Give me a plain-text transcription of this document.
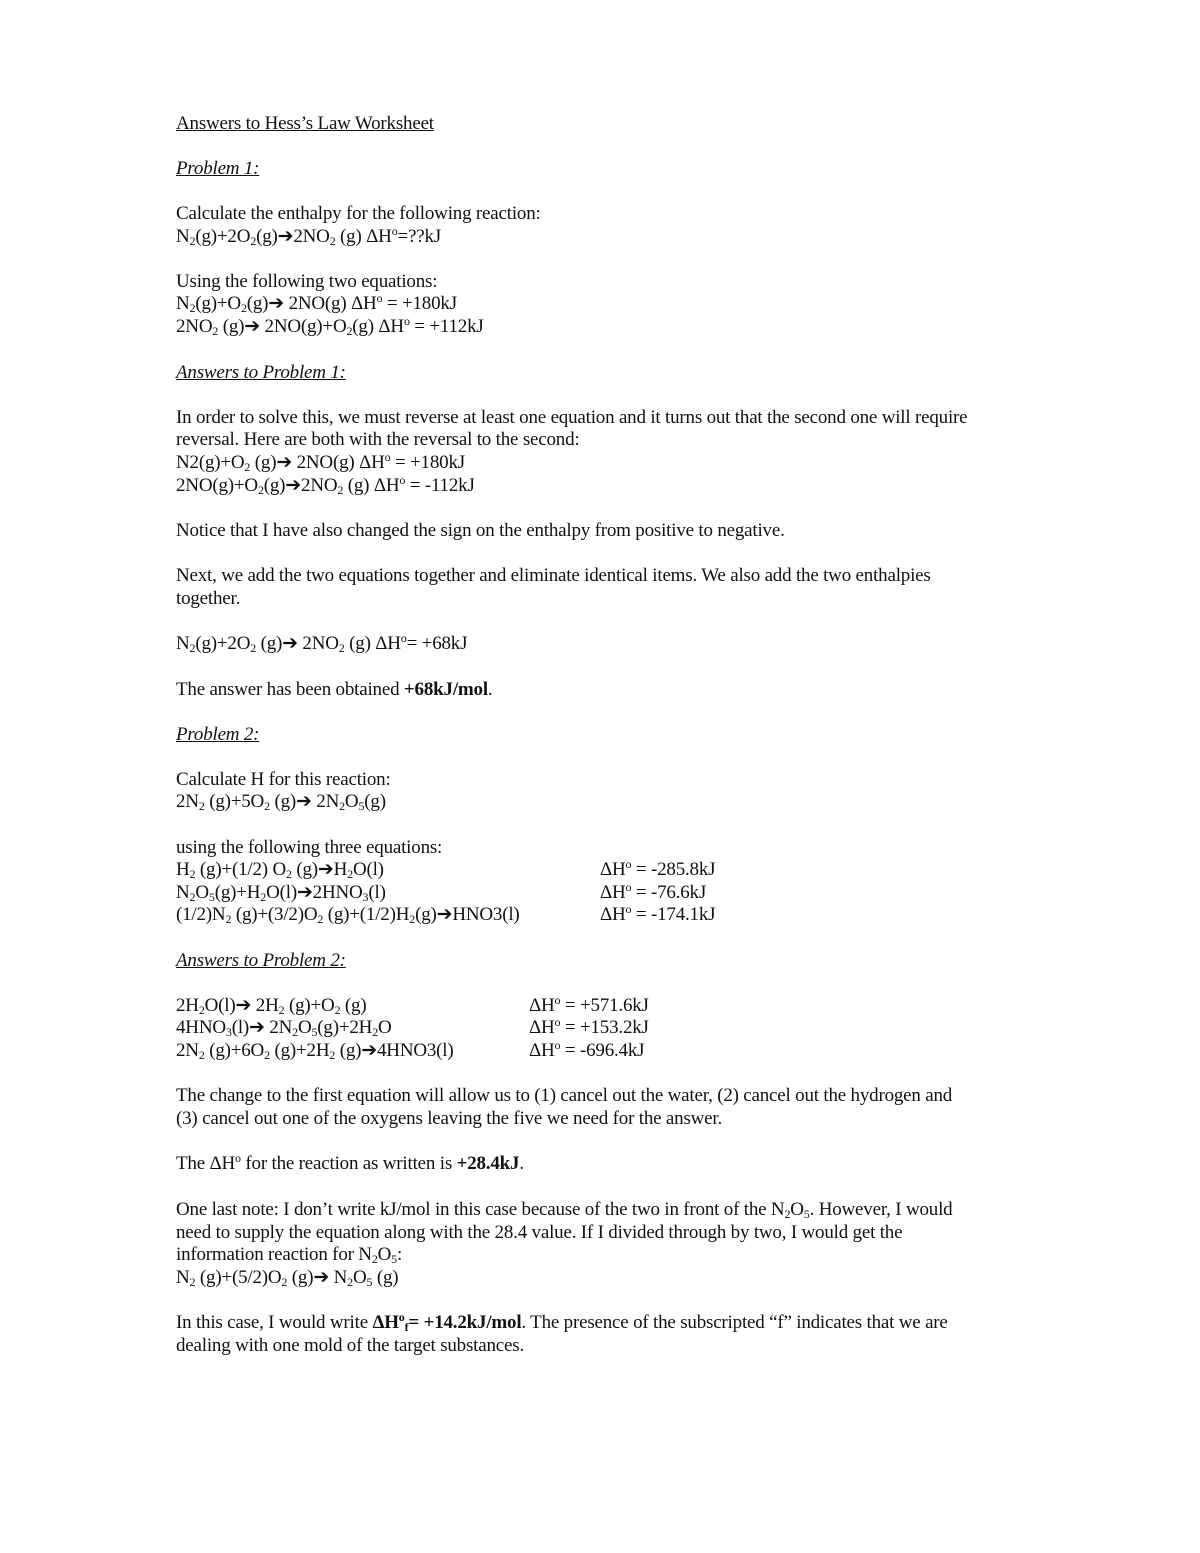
Answers to Hess’s Law Worksheet
Problem 1:
Calculate the enthalpy for the following reaction:
$N_2(g)+2O_2(g)➔2NO_2$ (g) $\Delta H^o=??kJ$
Using the following two equations:
$N_2(g)+O_2(g)➔$ 2NO(g) $\Delta H^o = +180kJ$
$2NO_2$ (g)➔ $2NO(g)+O_2(g) \Delta H^o = +112kJ$
Answers to Problem 1:
In order to solve this, we must reverse at least one equation and it turns out that the second one will require
reversal. Here are both with the reversal to the second:
$N2(g)+O_2$ (g)➔ 2NO(g) $\Delta H^o = +180kJ$
$2NO(g)+O_2(g)➔2NO_2$ (g) $\Delta H^o = -112kJ$
Notice that I have also changed the sign on the enthalpy from positive to negative.
Next, we add the two equations together and eliminate identical items. We also add the two enthalpies
together.
$N_2(g)+2O_2$ (g)➔ $2NO_2$ (g) $\Delta H^o= +68kJ$
The answer has been obtained +68kJ/mol.
Problem 2:
Calculate H for this reaction:
$2N_2$ $(g)+5O_2$ (g)➔ $2N_2O_5(g)$
using the following three equations:
$H_2$ (g)+(1/2) $O_2$ $(g)➔H_2O(l)$	$\Delta H^o = -285.8kJ$
$N_2O_5(g)+H_2O(l)➔2HNO_3(l)$	$\Delta H^o = -76.6kJ$
$(1/2)N_2$ $(g)+(3/2)O_2$ $(g)+(1/2)H_2(g)➔HNO3(l)$	$\Delta H^o = -174.1kJ$
Answers to Problem 2:
$2H_2O(l)➔$ $2H_2$ $(g)+O_2$ (g)	$\Delta H^o = +571.6kJ$
$4HNO_3(l)➔$ $2N_2O_5(g)+2H_2O$	$\Delta H^o = +153.2kJ$
$2N_2$ $(g)+6O_2$ $(g)+2H_2$ (g)➔4HNO3(l)	$\Delta H^o = -696.4kJ$
The change to the first equation will allow us to (1) cancel out the water, (2) cancel out the hydrogen and
(3) cancel out one of the oxygens leaving the five we need for the answer.
The $\Delta H^o$ for the reaction as written is +28.4kJ.
One last note: I don’t write kJ/mol in this case because of the two in front of the $N_2O_5$. However, I would
need to supply the equation along with the 28.4 value. If I divided through by two, I would get the
information reaction for $N_2O_5$:
$N_2$ $(g)+(5/2)O_2$ (g)➔ $N_2O_5$ (g)
In this case, I would write $\Delta H^o_f= +14.2kJ/mol$. The presence of the subscripted “f” indicates that we are
dealing with one mold of the target substances.
